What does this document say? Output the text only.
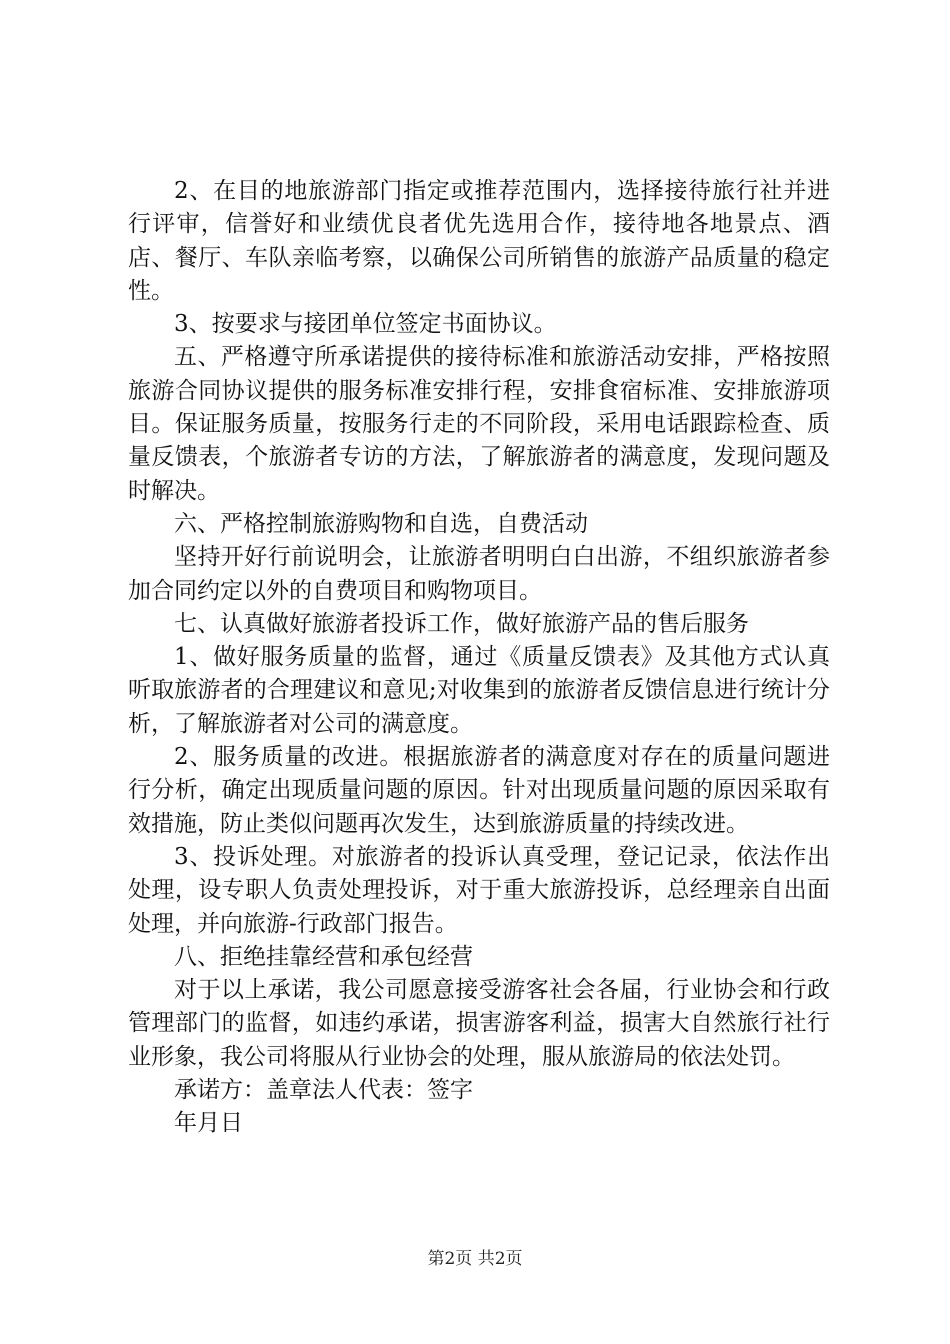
2、在目的地旅游部门指定或推荐范围内，选择接待旅行社并进行评审，信誉好和业绩优良者优先选用合作，接待地各地景点、酒店、餐厅、车队亲临考察，以确保公司所销售的旅游产品质量的稳定性。

3、按要求与接团单位签定书面协议。

五、严格遵守所承诺提供的接待标准和旅游活动安排，严格按照旅游合同协议提供的服务标准安排行程，安排食宿标准、安排旅游项目。保证服务质量，按服务行走的不同阶段，采用电话跟踪检查、质量反馈表，个旅游者专访的方法，了解旅游者的满意度，发现问题及时解决。

六、严格控制旅游购物和自选，自费活动

坚持开好行前说明会，让旅游者明明白白出游，不组织旅游者参加合同约定以外的自费项目和购物项目。

七、认真做好旅游者投诉工作，做好旅游产品的售后服务

1、做好服务质量的监督，通过《质量反馈表》及其他方式认真听取旅游者的合理建议和意见;对收集到的旅游者反馈信息进行统计分析，了解旅游者对公司的满意度。

2、服务质量的改进。根据旅游者的满意度对存在的质量问题进行分析，确定出现质量问题的原因。针对出现质量问题的原因采取有效措施，防止类似问题再次发生，达到旅游质量的持续改进。

3、投诉处理。对旅游者的投诉认真受理，登记记录，依法作出处理，设专职人负责处理投诉，对于重大旅游投诉，总经理亲自出面处理，并向旅游-行政部门报告。

八、拒绝挂靠经营和承包经营

对于以上承诺，我公司愿意接受游客社会各届，行业协会和行政管理部门的监督，如违约承诺，损害游客利益，损害大自然旅行社行业形象，我公司将服从行业协会的处理，服从旅游局的依法处罚。

承诺方：盖章法人代表：签字

年月日

第2页 共2页
